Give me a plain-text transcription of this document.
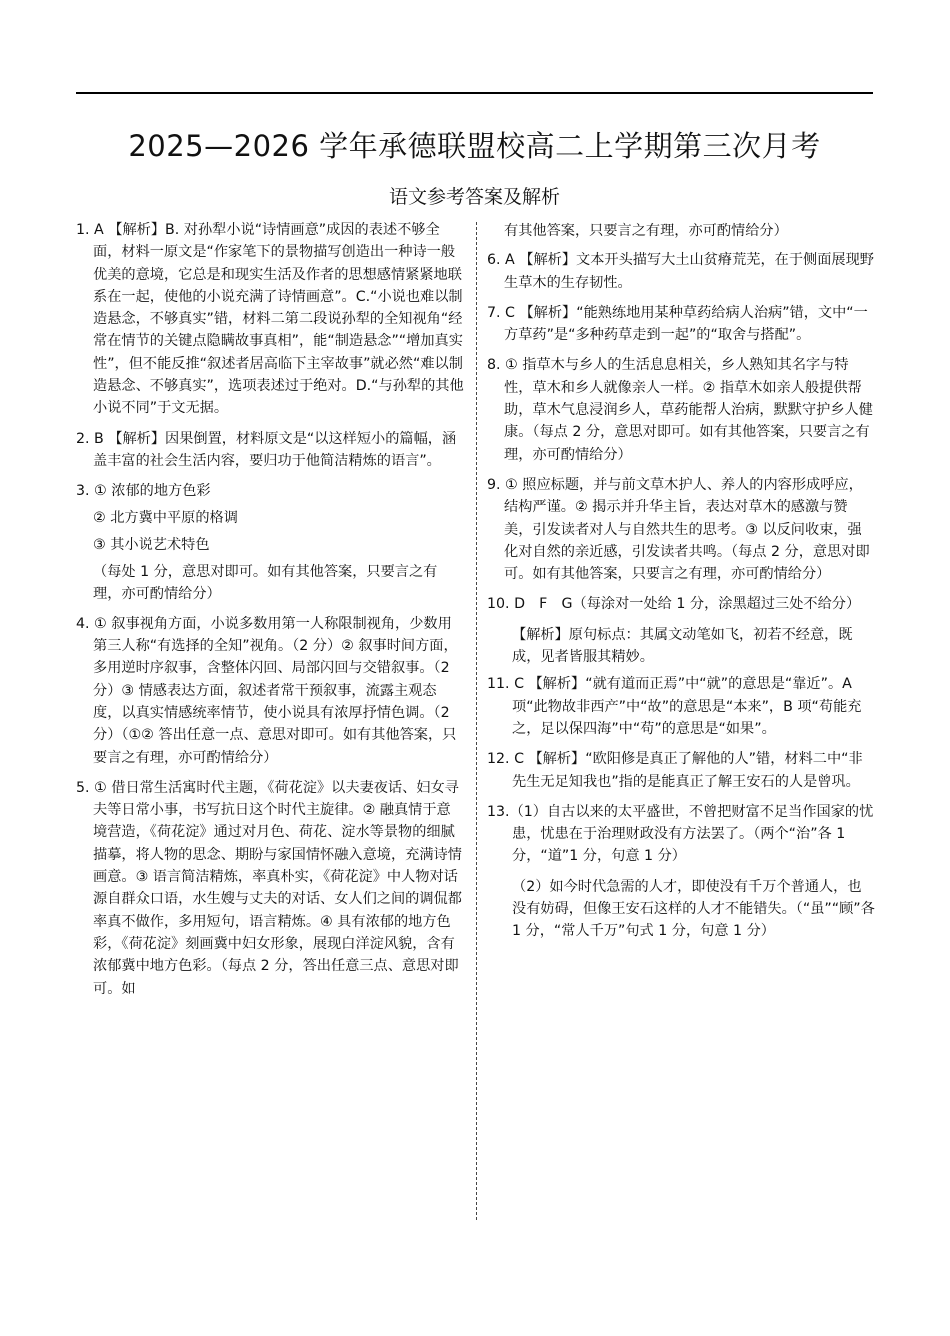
2025—2026 学年承德联盟校高二上学期第三次月考
语文参考答案及解析

1. A 【解析】B. 对孙犁小说“诗情画意”成因的表述不够全面，材料一原文是“作家笔下的景物描写创造出一种诗一般优美的意境，它总是和现实生活及作者的思想感情紧紧地联系在一起，使他的小说充满了诗情画意”。C.“小说也难以制造悬念，不够真实”错，材料二第二段说孙犁的全知视角“经常在情节的关键点隐瞒故事真相”，能“制造悬念”“增加真实性”，但不能反推“叙述者居高临下主宰故事”就必然“难以制造悬念、不够真实”，选项表述过于绝对。D.“与孙犁的其他小说不同”于文无据。

2. B 【解析】因果倒置，材料原文是“以这样短小的篇幅，涵盖丰富的社会生活内容，要归功于他简洁精炼的语言”。

3. ① 浓郁的地方色彩

② 北方冀中平原的格调

③ 其小说艺术特色

（每处 1 分，意思对即可。如有其他答案，只要言之有理，亦可酌情给分）

4. ① 叙事视角方面，小说多数用第一人称限制视角，少数用第三人称“有选择的全知”视角。（2 分）② 叙事时间方面，多用逆时序叙事，含整体闪回、局部闪回与交错叙事。（2 分）③ 情感表达方面，叙述者常干预叙事，流露主观态度，以真实情感统率情节，使小说具有浓厚抒情色调。（2 分）（①② 答出任意一点、意思对即可。如有其他答案，只要言之有理，亦可酌情给分）

5. ① 借日常生活寓时代主题，《荷花淀》以夫妻夜话、妇女寻夫等日常小事，书写抗日这个时代主旋律。② 融真情于意境营造，《荷花淀》通过对月色、荷花、淀水等景物的细腻描摹，将人物的思念、期盼与家国情怀融入意境，充满诗情画意。③ 语言简洁精炼，率真朴实，《荷花淀》中人物对话源自群众口语，水生嫂与丈夫的对话、女人们之间的调侃都率真不做作，多用短句，语言精炼。④ 具有浓郁的地方色彩，《荷花淀》刻画冀中妇女形象，展现白洋淀风貌，含有浓郁冀中地方色彩。（每点 2 分，答出任意三点、意思对即可。如

有其他答案，只要言之有理，亦可酌情给分）

6. A 【解析】文本开头描写大土山贫瘠荒芜，在于侧面展现野生草木的生存韧性。

7. C 【解析】“能熟练地用某种草药给病人治病”错，文中“一方草药”是“多种药草走到一起”的“取舍与搭配”。

8. ① 指草木与乡人的生活息息相关，乡人熟知其名字与特性，草木和乡人就像亲人一样。② 指草木如亲人般提供帮助，草木气息浸润乡人，草药能帮人治病，默默守护乡人健康。（每点 2 分，意思对即可。如有其他答案，只要言之有理，亦可酌情给分）

9. ① 照应标题，并与前文草木护人、养人的内容形成呼应，结构严谨。② 揭示并升华主旨，表达对草木的感激与赞美，引发读者对人与自然共生的思考。③ 以反问收束，强化对自然的亲近感，引发读者共鸣。（每点 2 分，意思对即可。如有其他答案，只要言之有理，亦可酌情给分）

10. D　F　G（每涂对一处给 1 分，涂黑超过三处不给分）

【解析】原句标点：其属文动笔如飞，初若不经意，既成，见者皆服其精妙。

11. C 【解析】“就有道而正焉”中“就”的意思是“靠近”。A 项“此物故非西产”中“故”的意思是“本来”，B 项“苟能充之，足以保四海”中“苟”的意思是“如果”。

12. C 【解析】“欧阳修是真正了解他的人”错，材料二中“非先生无足知我也”指的是能真正了解王安石的人是曾巩。

13.（1）自古以来的太平盛世，不曾把财富不足当作国家的忧患，忧患在于治理财政没有方法罢了。（两个“治”各 1 分，“道”1 分，句意 1 分）

（2）如今时代急需的人才，即使没有千万个普通人，也没有妨碍，但像王安石这样的人才不能错失。（“虽”“顾”各 1 分，“常人千万”句式 1 分，句意 1 分）
